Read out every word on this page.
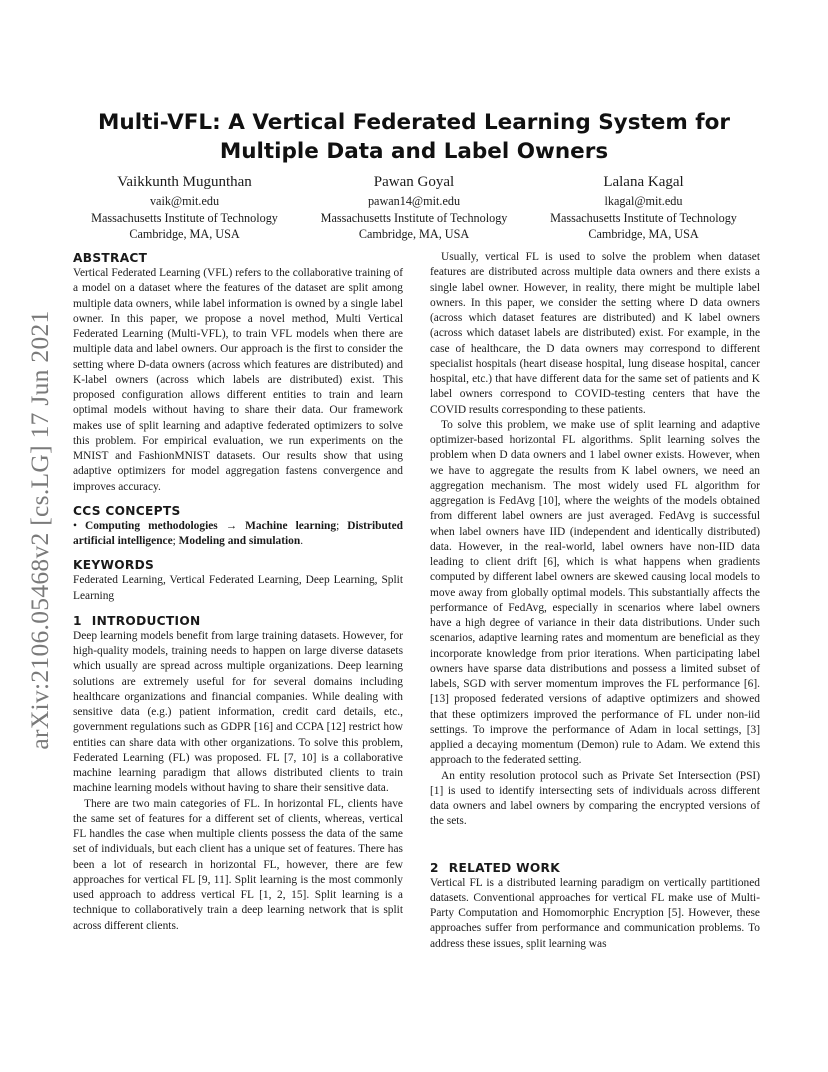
arXiv:2106.05468v2 [cs.LG] 17 Jun 2021
Multi-VFL: A Vertical Federated Learning System for Multiple Data and Label Owners
Vaikkunth Mugunthan
vaik@mit.edu
Massachusetts Institute of Technology
Cambridge, MA, USA
Pawan Goyal
pawan14@mit.edu
Massachusetts Institute of Technology
Cambridge, MA, USA
Lalana Kagal
lkagal@mit.edu
Massachusetts Institute of Technology
Cambridge, MA, USA
ABSTRACT

Vertical Federated Learning (VFL) refers to the collaborative training of a model on a dataset where the features of the dataset are split among multiple data owners, while label information is owned by a single label owner. In this paper, we propose a novel method, Multi Vertical Federated Learning (Multi-VFL), to train VFL models when there are multiple data and label owners. Our approach is the first to consider the setting where D-data owners (across which features are distributed) and K-label owners (across which labels are distributed) exist. This proposed configuration allows different entities to train and learn optimal models without having to share their data. Our framework makes use of split learning and adaptive federated optimizers to solve this problem. For empirical evaluation, we run experiments on the MNIST and FashionMNIST datasets. Our results show that using adaptive optimizers for model aggregation fastens convergence and improves accuracy.

CCS CONCEPTS

• Computing methodologies → Machine learning; Distributed artificial intelligence; Modeling and simulation.

KEYWORDS

Federated Learning, Vertical Federated Learning, Deep Learning, Split Learning

1 INTRODUCTION

Deep learning models benefit from large training datasets. However, for high-quality models, training needs to happen on large diverse datasets which usually are spread across multiple organizations. Deep learning solutions are extremely useful for for several domains including healthcare organizations and financial companies. While dealing with sensitive data (e.g.) patient information, credit card details, etc., government regulations such as GDPR [16] and CCPA [12] restrict how entities can share data with other organizations. To solve this problem, Federated Learning (FL) was proposed. FL [7, 10] is a collaborative machine learning paradigm that allows distributed clients to train machine learning models without having to share their sensitive data.

There are two main categories of FL. In horizontal FL, clients have the same set of features for a different set of clients, whereas, vertical FL handles the case when multiple clients possess the data of the same set of individuals, but each client has a unique set of features. There has been a lot of research in horizontal FL, however, there are few approaches for vertical FL [9, 11]. Split learning is the most commonly used approach to address vertical FL [1, 2, 15]. Split learning is a technique to collaboratively train a deep learning network that is split across different clients.

Usually, vertical FL is used to solve the problem when dataset features are distributed across multiple data owners and there exists a single label owner. However, in reality, there might be multiple label owners. In this paper, we consider the setting where D data owners (across which dataset features are distributed) and K label owners (across which dataset labels are distributed) exist. For example, in the case of healthcare, the D data owners may correspond to different specialist hospitals (heart disease hospital, lung disease hospital, cancer hospital, etc.) that have different data for the same set of patients and K label owners correspond to COVID-testing centers that have the COVID results corresponding to these patients.

To solve this problem, we make use of split learning and adaptive optimizer-based horizontal FL algorithms. Split learning solves the problem when D data owners and 1 label owner exists. However, when we have to aggregate the results from K label owners, we need an aggregation mechanism. The most widely used FL algorithm for aggregation is FedAvg [10], where the weights of the models obtained from different label owners are just averaged. FedAvg is successful when label owners have IID (independent and identically distributed) data. However, in the real-world, label owners have non-IID data leading to client drift [6], which is what happens when gradients computed by different label owners are skewed causing local models to move away from globally optimal models. This substantially affects the performance of FedAvg, especially in scenarios where label owners have a high degree of variance in their data distributions. Under such scenarios, adaptive learning rates and momentum are beneficial as they incorporate knowledge from prior iterations. When participating label owners have sparse data distributions and possess a limited subset of labels, SGD with server momentum improves the FL performance [6]. [13] proposed federated versions of adaptive optimizers and showed that these optimizers improved the performance of FL under non-iid settings. To improve the performance of Adam in local settings, [3] applied a decaying momentum (Demon) rule to Adam. We extend this approach to the federated setting.

An entity resolution protocol such as Private Set Intersection (PSI) [1] is used to identify intersecting sets of individuals across different data owners and label owners by comparing the encrypted versions of the sets.

2 RELATED WORK

Vertical FL is a distributed learning paradigm on vertically partitioned datasets. Conventional approaches for vertical FL make use of Multi-Party Computation and Homomorphic Encryption [5]. However, these approaches suffer from performance and communication problems. To address these issues, split learning was
